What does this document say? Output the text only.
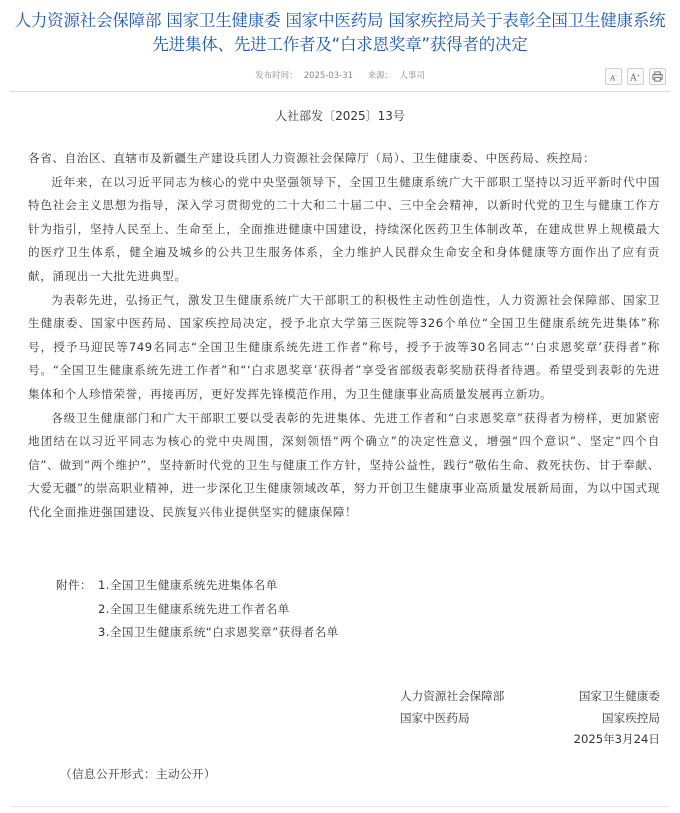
人力资源社会保障部 国家卫生健康委 国家中医药局 国家疾控局关于表彰全国卫生健康系统
先进集体、先进工作者及“白求恩奖章”获得者的决定
发布时间： 2025-03-31 来源： 人事司	A-	A+
人社部发〔2025〕13号

各省、自治区、直辖市及新疆生产建设兵团人力资源社会保障厅（局）、卫生健康委、中医药局、疾控局：

近年来，在以习近平同志为核心的党中央坚强领导下，全国卫生健康系统广大干部职工坚持以习近平新时代中国特色社会主义思想为指导，深入学习贯彻党的二十大和二十届二中、三中全会精神，以新时代党的卫生与健康工作方针为指引，坚持人民至上、生命至上，全面推进健康中国建设，持续深化医药卫生体制改革，在建成世界上规模最大的医疗卫生体系，健全遍及城乡的公共卫生服务体系，全力维护人民群众生命安全和身体健康等方面作出了应有贡献，涌现出一大批先进典型。

为表彰先进，弘扬正气，激发卫生健康系统广大干部职工的积极性主动性创造性，人力资源社会保障部、国家卫生健康委、国家中医药局、国家疾控局决定，授予北京大学第三医院等326个单位“全国卫生健康系统先进集体”称号，授予马迎民等749名同志“全国卫生健康系统先进工作者”称号，授予于波等30名同志“‘白求恩奖章’获得者”称号。“全国卫生健康系统先进工作者”和“‘白求恩奖章’获得者”享受省部级表彰奖励获得者待遇。希望受到表彰的先进集体和个人珍惜荣誉，再接再厉，更好发挥先锋模范作用，为卫生健康事业高质量发展再立新功。

各级卫生健康部门和广大干部职工要以受表彰的先进集体、先进工作者和“白求恩奖章”获得者为榜样，更加紧密地团结在以习近平同志为核心的党中央周围，深刻领悟“两个确立”的决定性意义，增强“四个意识”、坚定“四个自信”、做到“两个维护”，坚持新时代党的卫生与健康工作方针，坚持公益性，践行“敬佑生命、救死扶伤、甘于奉献、大爱无疆”的崇高职业精神，进一步深化卫生健康领域改革，努力开创卫生健康事业高质量发展新局面，为以中国式现代化全面推进强国建设、民族复兴伟业提供坚实的健康保障！

附件： 1.全国卫生健康系统先进集体名单
2.全国卫生健康系统先进工作者名单
3.全国卫生健康系统“白求恩奖章”获得者名单
人力资源社会保障部	国家卫生健康委
国家中医药局	国家疾控局
2025年3月24日
（信息公开形式：主动公开）
